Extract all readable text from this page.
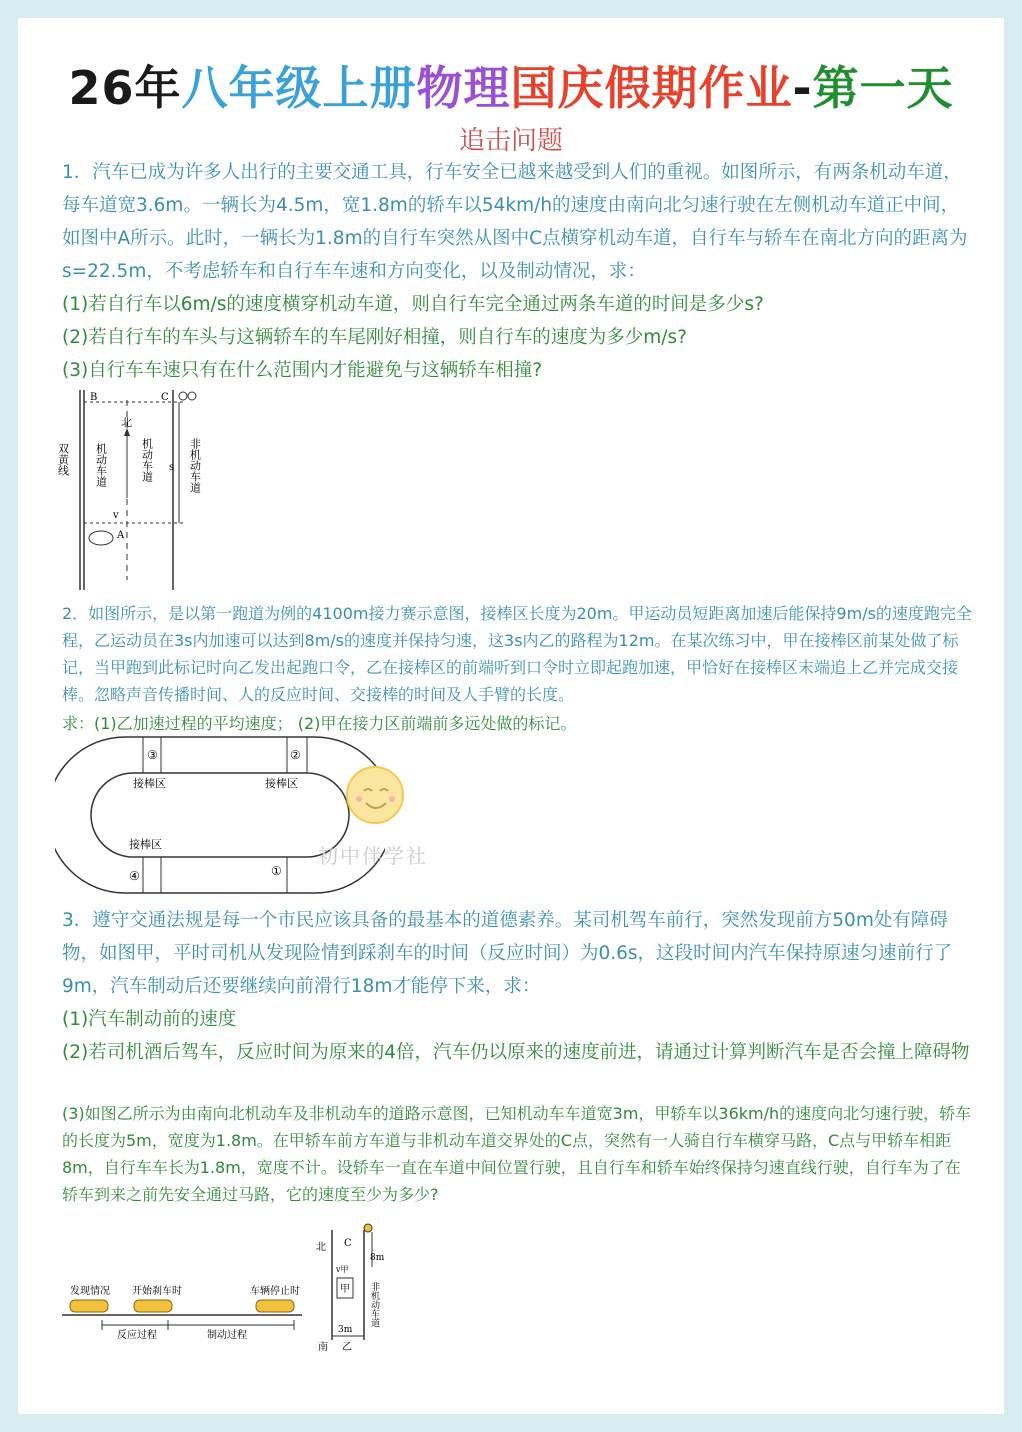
26年八年级上册物理国庆假期作业-第一天
追击问题
1．汽车已成为许多人出行的主要交通工具，行车安全已越来越受到人们的重视。如图所示，有两条机动车道，每车道宽3.6m。一辆长为4.5m，宽1.8m的轿车以54km/h的速度由南向北匀速行驶在左侧机动车道正中间，如图中A所示。此时，一辆长为1.8m的自行车突然从图中C点横穿机动车道，自行车与轿车在南北方向的距离为s=22.5m，不考虑轿车和自行车车速和方向变化，以及制动情况，求：
(1)若自行车以6m/s的速度横穿机动车道，则自行车完全通过两条车道的时间是多少s?
(2)若自行车的车头与这辆轿车的车尾刚好相撞，则自行车的速度为多少m/s?
(3)自行车车速只有在什么范围内才能避免与这辆轿车相撞?
B	C
北
s
v
A
机动车道	机动车道	非机动车道
双黄线
2．如图所示，是以第一跑道为例的4100m接力赛示意图，接棒区长度为20m。甲运动员短距离加速后能保持9m/s的速度跑完全程，乙运动员在3s内加速可以达到8m/s的速度并保持匀速，这3s内乙的路程为12m。在某次练习中，甲在接棒区前某处做了标记，当甲跑到此标记时向乙发出起跑口令，乙在接棒区的前端听到口令时立即起跑加速，甲恰好在接棒区末端追上乙并完成交接棒。忽略声音传播时间、人的反应时间、交接棒的时间及人手臂的长度。
求：(1)乙加速过程的平均速度； (2)甲在接力区前端前多远处做的标记。
③	②
④	①
接棒区	接棒区
接棒区	初中伴学社
3．遵守交通法规是每一个市民应该具备的最基本的道德素养。某司机驾车前行，突然发现前方50m处有障碍物，如图甲，平时司机从发现险情到踩刹车的时间（反应时间）为0.6s，这段时间内汽车保持原速匀速前行了9m，汽车制动后还要继续向前滑行18m才能停下来，求：
(1)汽车制动前的速度
(2)若司机酒后驾车，反应时间为原来的4倍，汽车仍以原来的速度前进，请通过计算判断汽车是否会撞上障碍物
(3)如图乙所示为由南向北机动车及非机动车的道路示意图，已知机动车车道宽3m，甲轿车以36km/h的速度向北匀速行驶，轿车的长度为5m，宽度为1.8m。在甲轿车前方车道与非机动车道交界处的C点，突然有一人骑自行车横穿马路，C点与甲轿车相距8m，自行车车长为1.8m，宽度不计。设轿车一直在车道中间位置行驶，且自行车和轿车始终保持匀速直线行驶，自行车为了在轿车到来之前先安全通过马路，它的速度至少为多少?
发现情况 开始刹车时	车辆停止时
反应过程	制动过程
北 C
8m
v甲
甲
3m
南 乙
非机动车道
